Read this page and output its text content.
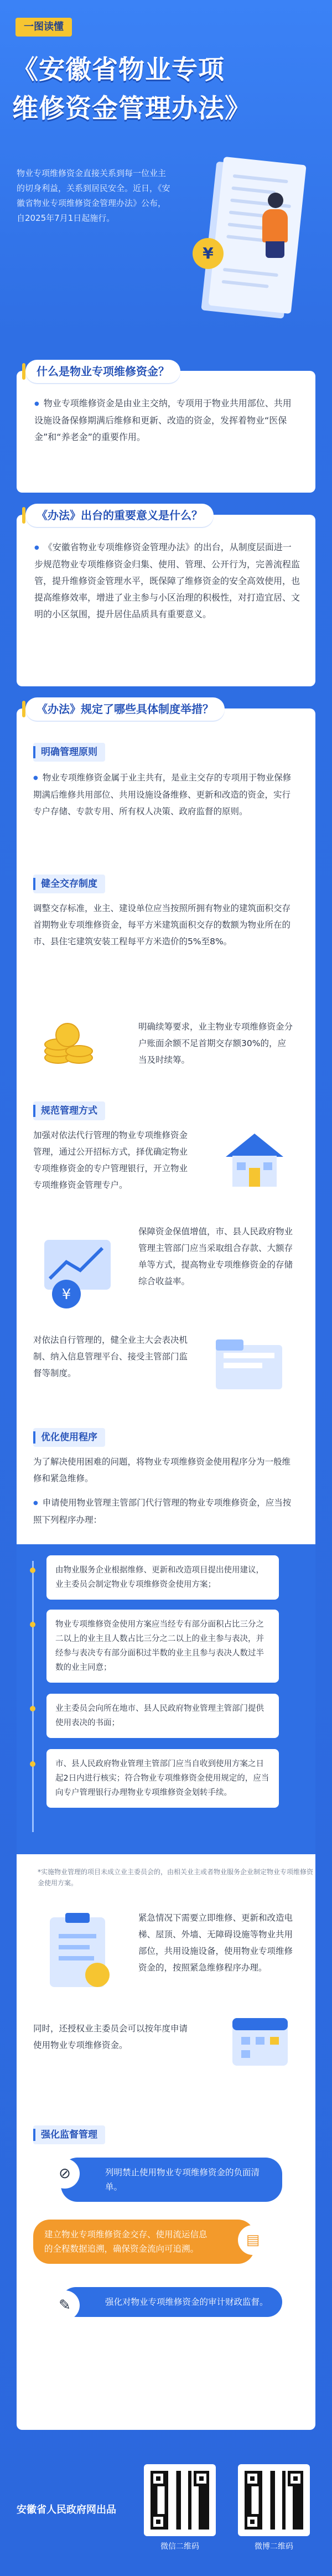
一图读懂
《安徽省物业专项
维修资金管理办法》
物业专项维修资金直接关系到每一位业主的切身利益，关系到居民安全。近日，《安徽省物业专项维修资金管理办法》公布，自2025年7月1日起施行。
¥
什么是物业专项维修资金？
● 物业专项维修资金是由业主交纳，专项用于物业共用部位、共用设施设备保修期满后维修和更新、改造的资金，发挥着物业“医保金”和“养老金”的重要作用。
《办法》出台的重要意义是什么？
● 《安徽省物业专项维修资金管理办法》的出台，从制度层面进一步规范物业专项维修资金归集、使用、管理、公开行为，完善流程监管，提升维修资金管理水平，既保障了维修资金的安全高效使用，也提高维修效率，增进了业主参与小区治理的积极性，对打造宜居、文明的小区氛围，提升居住品质具有重要意义。
《办法》规定了哪些具体制度举措？
明确管理原则
● 物业专项维修资金属于业主共有，是业主交存的专项用于物业保修期满后维修共用部位、共用设施设备维修、更新和改造的资金，实行专户存储、专款专用、所有权人决策、政府监督的原则。
健全交存制度
调整交存标准，业主、建设单位应当按照所拥有物业的建筑面积交存首期物业专项维修资金，每平方米建筑面积交存的数额为物业所在的市、县住宅建筑安装工程每平方米造价的5%至8%。
明确续筹要求，业主物业专项维修资金分户账面余额不足首期交存额30%的，应当及时续筹。
规范管理方式
加强对依法代行管理的物业专项维修资金管理，通过公开招标方式，择优确定物业专项维修资金的专户管理银行，开立物业专项维修资金管理专户。
¥
保障资金保值增值，市、县人民政府物业管理主管部门应当采取组合存款、大额存单等方式，提高物业专项维修资金的存储综合收益率。
对依法自行管理的，健全业主大会表决机制、纳入信息管理平台、接受主管部门监督等制度。
优化使用程序
为了解决使用困难的问题，将物业专项维修资金使用程序分为一般维修和紧急维修。
● 申请使用物业管理主管部门代行管理的物业专项维修资金，应当按照下列程序办理：
由物业服务企业根据维修、更新和改造项目提出使用建议，业主委员会制定物业专项维修资金使用方案；
物业专项维修资金使用方案应当经专有部分面积占比三分之二以上的业主且人数占比三分之二以上的业主参与表决，并经参与表决专有部分面积过半数的业主且参与表决人数过半数的业主同意；
业主委员会向所在地市、县人民政府物业管理主管部门提供使用表决的书面；
市、县人民政府物业管理主管部门应当自收到使用方案之日起2日内进行核实；符合物业专项维修资金使用规定的，应当向专户管理银行办理物业专项维修资金划转手续。
*实施物业管理的项目未成立业主委员会的，由相关业主或者物业服务企业制定物业专项维修资金使用方案。
紧急情况下需要立即维修、更新和改造电梯、屋顶、外墙、无障碍设施等物业共用部位，共用设施设备，使用物业专项维修资金的，按照紧急维修程序办理。
同时，还授权业主委员会可以按年度申请使用物业专项维修资金。
强化监督管理
列明禁止使用物业专项维修资金的负面清单。
⊘
建立物业专项维修资金交存、使用流运信息的全程数据追溯，确保资金流向可追溯。
▤
强化对物业专项维修资金的审计财政监督。
✎
安徽省人民政府网出品
微信二维码	微博二维码
